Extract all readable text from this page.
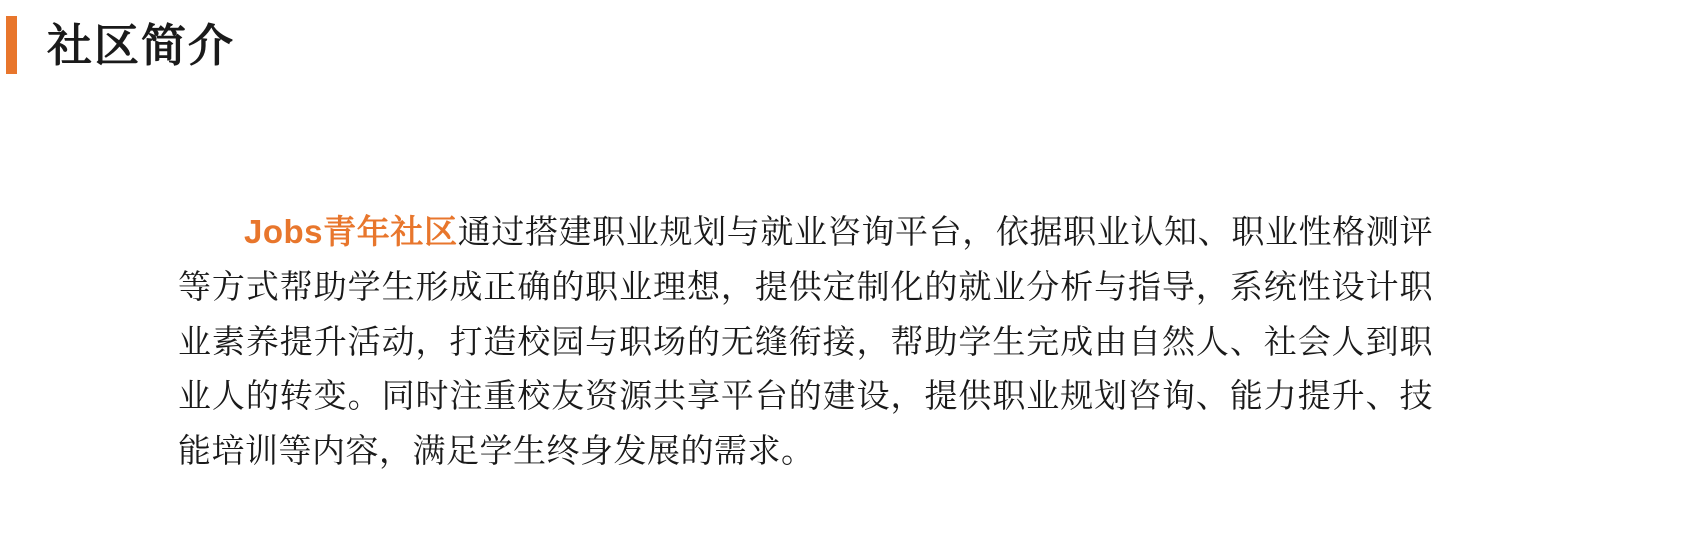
社区简介

Jobs青年社区通过搭建职业规划与就业咨询平台，依据职业认知、职业性格测评等方式帮助学生形成正确的职业理想，提供定制化的就业分析与指导，系统性设计职业素养提升活动，打造校园与职场的无缝衔接，帮助学生完成由自然人、社会人到职业人的转变。同时注重校友资源共享平台的建设，提供职业规划咨询、能力提升、技能培训等内容，满足学生终身发展的需求。
